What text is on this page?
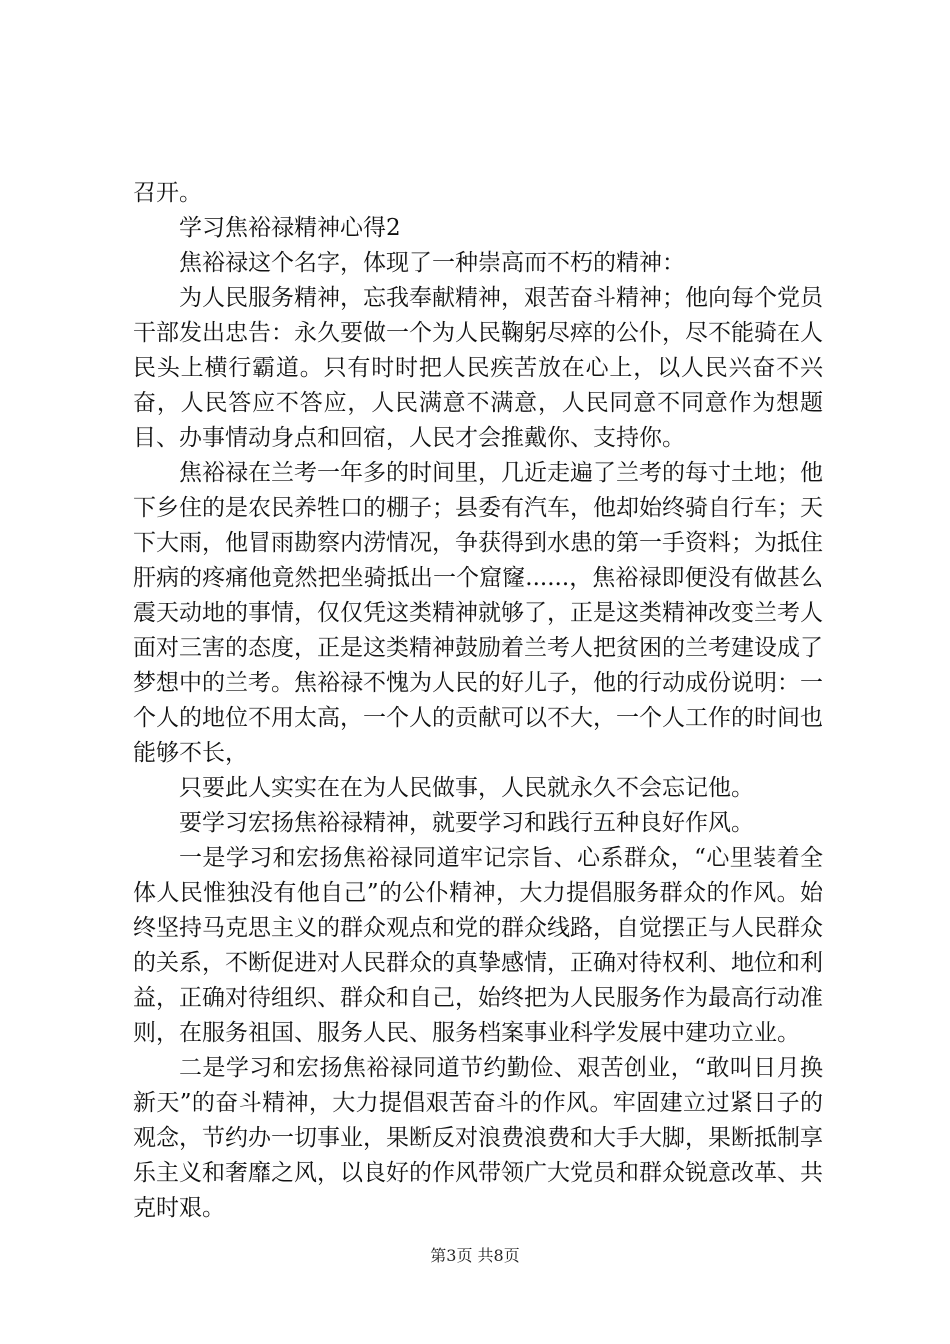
召开。

学习焦裕禄精神心得2

焦裕禄这个名字，体现了一种崇高而不朽的精神：

为人民服务精神，忘我奉献精神，艰苦奋斗精神；他向每个党员干部发出忠告：永久要做一个为人民鞠躬尽瘁的公仆，尽不能骑在人民头上横行霸道。只有时时把人民疾苦放在心上，以人民兴奋不兴奋，人民答应不答应，人民满意不满意，人民同意不同意作为想题目、办事情动身点和回宿，人民才会推戴你、支持你。

焦裕禄在兰考一年多的时间里，几近走遍了兰考的每寸土地；他下乡住的是农民养牲口的棚子；县委有汽车，他却始终骑自行车；天下大雨，他冒雨勘察内涝情况，争获得到水患的第一手资料；为抵住肝病的疼痛他竟然把坐骑抵出一个窟窿......，焦裕禄即便没有做甚么震天动地的事情，仅仅凭这类精神就够了，正是这类精神改变兰考人面对三害的态度，正是这类精神鼓励着兰考人把贫困的兰考建设成了梦想中的兰考。焦裕禄不愧为人民的好儿子，他的行动成份说明：一个人的地位不用太高，一个人的贡献可以不大，一个人工作的时间也能够不长，

只要此人实实在在为人民做事，人民就永久不会忘记他。

要学习宏扬焦裕禄精神，就要学习和践行五种良好作风。

一是学习和宏扬焦裕禄同道牢记宗旨、心系群众，“心里装着全体人民惟独没有他自己”的公仆精神，大力提倡服务群众的作风。始终坚持马克思主义的群众观点和党的群众线路，自觉摆正与人民群众的关系，不断促进对人民群众的真挚感情，正确对待权利、地位和利益，正确对待组织、群众和自己，始终把为人民服务作为最高行动准则，在服务祖国、服务人民、服务档案事业科学发展中建功立业。

二是学习和宏扬焦裕禄同道节约勤俭、艰苦创业，“敢叫日月换新天”的奋斗精神，大力提倡艰苦奋斗的作风。牢固建立过紧日子的观念，节约办一切事业，果断反对浪费浪费和大手大脚，果断抵制享乐主义和奢靡之风，以良好的作风带领广大党员和群众锐意改革、共克时艰。

第3页 共8页
